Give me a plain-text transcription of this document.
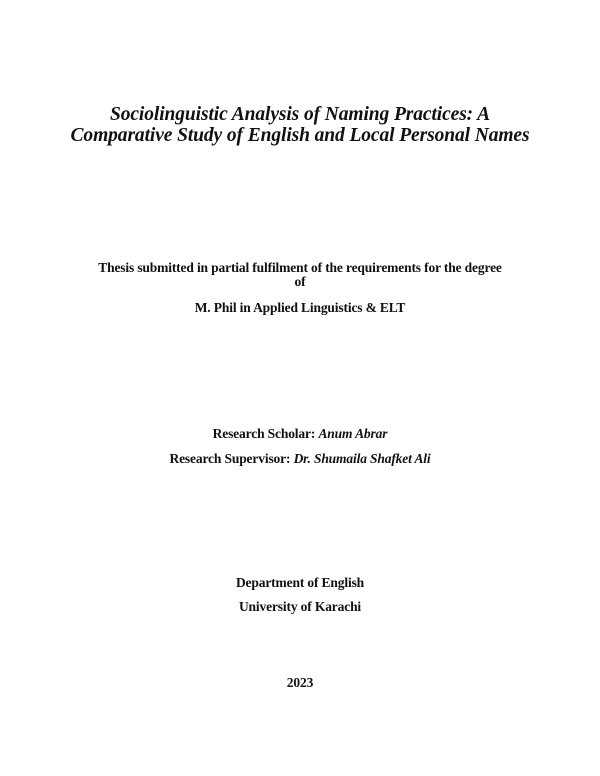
Sociolinguistic Analysis of Naming Practices: A
Comparative Study of English and Local Personal Names
Thesis submitted in partial fulfilment of the requirements for the degree
of
M. Phil in Applied Linguistics & ELT
Research Scholar: Anum Abrar
Research Supervisor: Dr. Shumaila Shafket Ali
Department of English
University of Karachi
2023
